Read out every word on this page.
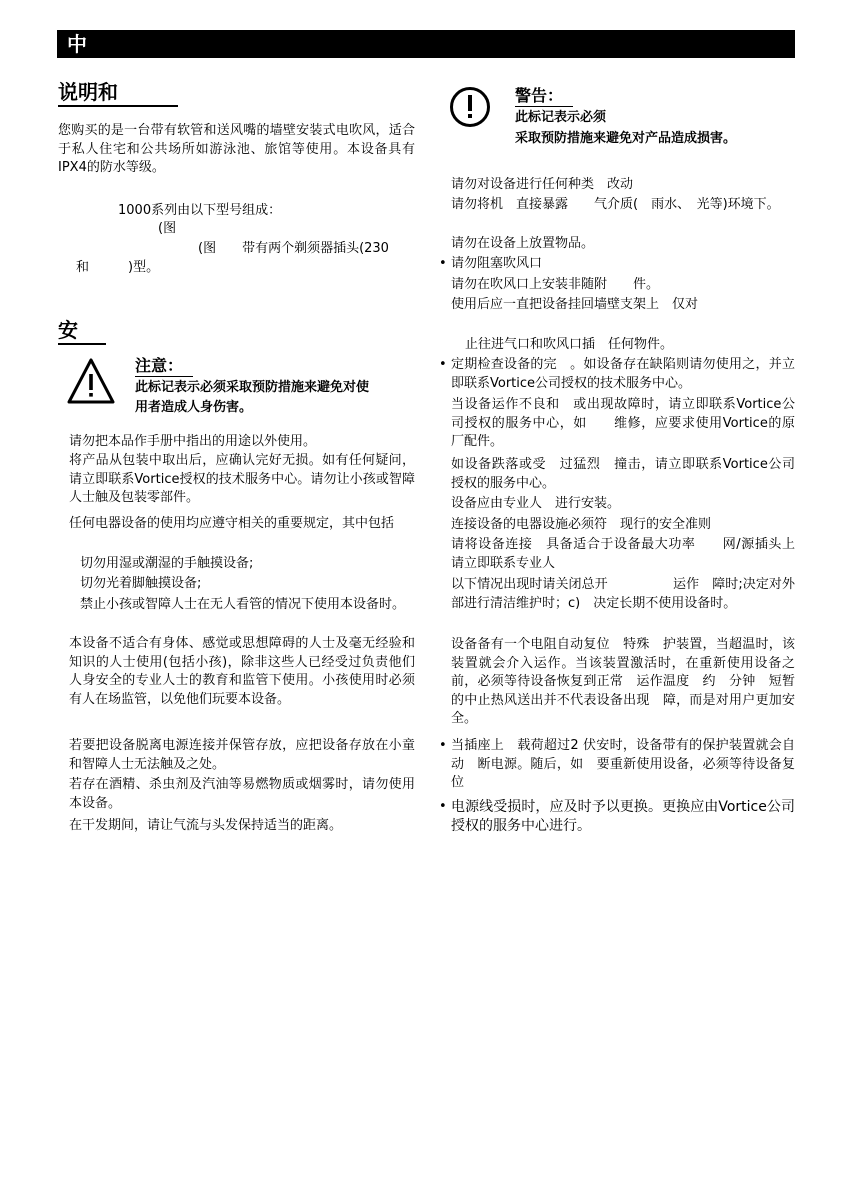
中
说明和

您购买的是一台带有软管和送风嘴的墙壁安装式电吹风，适合于私人住宅和公共场所如游泳池、旅馆等使用。本设备具有IPX4的防水等级。

1000系列由以下型号组成：
(图
(图　　带有两个剃须器插头(230
和　　　)型。
安
注意：
此标记表示必须采取预防措施来避免对使
用者造成人身伤害。
请勿把本品作手册中指出的用途以外使用。
将产品从包装中取出后，应确认完好无损。如有任何疑问，请立即联系Vortice授权的技术服务中心。请勿让小孩或智障人士触及包装零部件。
任何电器设备的使用均应遵守相关的重要规定，其中包括
切勿用湿或潮湿的手触摸设备;
切勿光着脚触摸设备;
禁止小孩或智障人士在无人看管的情况下使用本设备时。
本设备不适合有身体、感觉或思想障碍的人士及毫无经验和知识的人士使用(包括小孩)，除非这些人已经受过负责他们人身安全的专业人士的教育和监管下使用。小孩使用时必须有人在场监管，以免他们玩要本设备。
若要把设备脱离电源连接并保管存放，应把设备存放在小童和智障人士无法触及之处。
若存在酒精、杀虫剂及汽油等易燃物质或烟雾时，请勿使用本设备。
在干发期间，请让气流与头发保持适当的距离。
警告：
此标记表示必须
采取预防措施来避免对产品造成损害。
请勿对设备进行任何种类　改动
请勿将机　直接暴露　　气介质(　雨水、　光等)环境下。
请勿在设备上放置物品。
• 请勿阻塞吹风口
请勿在吹风口上安装非随附　　件。
使用后应一直把设备挂回墙壁支架上　仅对
止往进气口和吹风口插　任何物件。
• 定期检查设备的完　。如设备存在缺陷则请勿使用之，并立即联系Vortice公司授权的技术服务中心。
当设备运作不良和　或出现故障时，请立即联系Vortice公司授权的服务中心，如　　维修，应要求使用Vortice的原厂配件。
如设备跌落或受　过猛烈　撞击，请立即联系Vortice公司授权的服务中心。
设备应由专业人　进行安装。
连接设备的电器设施必须符　现行的安全准则
请将设备连接　具备适合于设备最大功率　　网/源插头上　　　请立即联系专业人
以下情况出现时请关闭总开　　　　　运作　障时;决定对外部进行清洁维护时；c)　决定长期不使用设备时。
设备备有一个电阻自动复位　特殊　护装置，当超温时，该装置就会介入运作。当该装置激活时，在重新使用设备之前，必须等待设备恢复到正常　运作温度　约　分钟　短暂的中止热风送出并不代表设备出现　障，而是对用户更加安全。
• 当插座上　载荷超过2 伏安时，设备带有的保护装置就会自动　断电源。随后，如　要重新使用设备，必须等待设备复位
• 电源线受损时，应及时予以更换。更换应由Vortice公司授权的服务中心进行。
